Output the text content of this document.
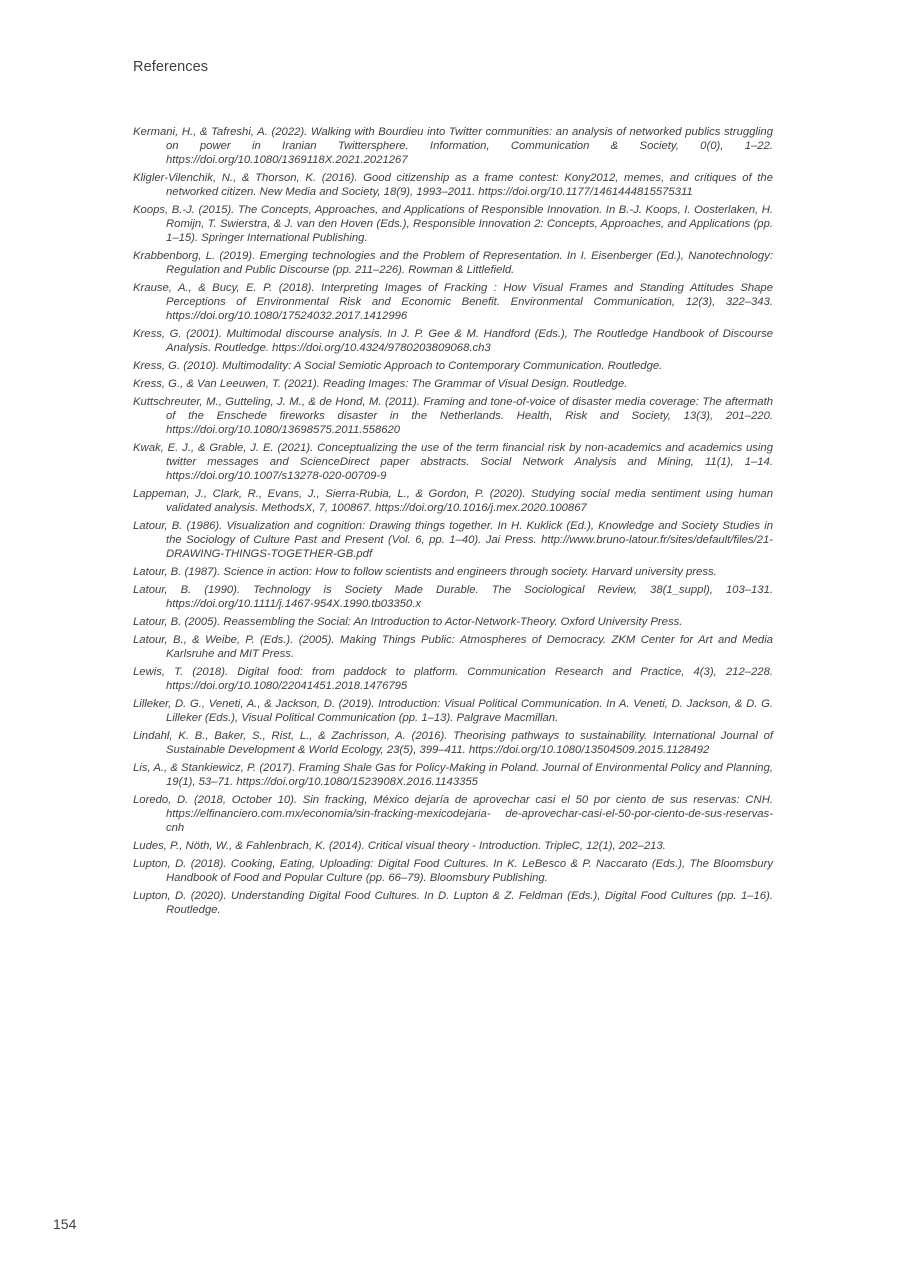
References
Kermani, H., & Tafreshi, A. (2022). Walking with Bourdieu into Twitter communities: an analysis of networked publics struggling on power in Iranian Twittersphere. Information, Communication & Society, 0(0), 1–22. https://doi.org/10.1080/1369118X.2021.2021267
Kligler-Vilenchik, N., & Thorson, K. (2016). Good citizenship as a frame contest: Kony2012, memes, and critiques of the networked citizen. New Media and Society, 18(9), 1993–2011. https://doi.org/10.1177/1461444815575311
Koops, B.-J. (2015). The Concepts, Approaches, and Applications of Responsible Innovation. In B.-J. Koops, I. Oosterlaken, H. Romijn, T. Swierstra, & J. van den Hoven (Eds.), Responsible Innovation 2: Concepts, Approaches, and Applications (pp. 1–15). Springer International Publishing.
Krabbenborg, L. (2019). Emerging technologies and the Problem of Representation. In I. Eisenberger (Ed.), Nanotechnology: Regulation and Public Discourse (pp. 211–226). Rowman & Littlefield.
Krause, A., & Bucy, E. P. (2018). Interpreting Images of Fracking : How Visual Frames and Standing Attitudes Shape Perceptions of Environmental Risk and Economic Benefit. Environmental Communication, 12(3), 322–343. https://doi.org/10.1080/17524032.2017.1412996
Kress, G. (2001). Multimodal discourse analysis. In J. P. Gee & M. Handford (Eds.), The Routledge Handbook of Discourse Analysis. Routledge. https://doi.org/10.4324/9780203809068.ch3
Kress, G. (2010). Multimodality: A Social Semiotic Approach to Contemporary Communication. Routledge.
Kress, G., & Van Leeuwen, T. (2021). Reading Images: The Grammar of Visual Design. Routledge.
Kuttschreuter, M., Gutteling, J. M., & de Hond, M. (2011). Framing and tone-of-voice of disaster media coverage: The aftermath of the Enschede fireworks disaster in the Netherlands. Health, Risk and Society, 13(3), 201–220. https://doi.org/10.1080/13698575.2011.558620
Kwak, E. J., & Grable, J. E. (2021). Conceptualizing the use of the term financial risk by non-academics and academics using twitter messages and ScienceDirect paper abstracts. Social Network Analysis and Mining, 11(1), 1–14. https://doi.org/10.1007/s13278-020-00709-9
Lappeman, J., Clark, R., Evans, J., Sierra-Rubia, L., & Gordon, P. (2020). Studying social media sentiment using human validated analysis. MethodsX, 7, 100867. https://doi.org/10.1016/j.mex.2020.100867
Latour, B. (1986). Visualization and cognition: Drawing things together. In H. Kuklick (Ed.), Knowledge and Society Studies in the Sociology of Culture Past and Present (Vol. 6, pp. 1–40). Jai Press. http://www.bruno-latour.fr/sites/default/files/21-DRAWING-THINGS-TOGETHER-GB.pdf
Latour, B. (1987). Science in action: How to follow scientists and engineers through society. Harvard university press.
Latour, B. (1990). Technology is Society Made Durable. The Sociological Review, 38(1_suppl), 103–131. https://doi.org/10.1111/j.1467-954X.1990.tb03350.x
Latour, B. (2005). Reassembling the Social: An Introduction to Actor-Network-Theory. Oxford University Press.
Latour, B., & Weibe, P. (Eds.). (2005). Making Things Public: Atmospheres of Democracy. ZKM Center for Art and Media Karlsruhe and MIT Press.
Lewis, T. (2018). Digital food: from paddock to platform. Communication Research and Practice, 4(3), 212–228. https://doi.org/10.1080/22041451.2018.1476795
Lilleker, D. G., Veneti, A., & Jackson, D. (2019). Introduction: Visual Political Communication. In A. Veneti, D. Jackson, & D. G. Lilleker (Eds.), Visual Political Communication (pp. 1–13). Palgrave Macmillan.
Lindahl, K. B., Baker, S., Rist, L., & Zachrisson, A. (2016). Theorising pathways to sustainability. International Journal of Sustainable Development & World Ecology, 23(5), 399–411. https://doi.org/10.1080/13504509.2015.1128492
Lis, A., & Stankiewicz, P. (2017). Framing Shale Gas for Policy-Making in Poland. Journal of Environmental Policy and Planning, 19(1), 53–71. https://doi.org/10.1080/1523908X.2016.1143355
Loredo, D. (2018, October 10). Sin fracking, México dejaría de aprovechar casi el 50 por ciento de sus reservas: CNH. https://elfinanciero.com.mx/economia/sin-fracking-mexicodejaria- de-aprovechar-casi-el-50-por-ciento-de-sus-reservas-cnh
Ludes, P., Nöth, W., & Fahlenbrach, K. (2014). Critical visual theory - Introduction. TripleC, 12(1), 202–213.
Lupton, D. (2018). Cooking, Eating, Uploading: Digital Food Cultures. In K. LeBesco & P. Naccarato (Eds.), The Bloomsbury Handbook of Food and Popular Culture (pp. 66–79). Bloomsbury Publishing.
Lupton, D. (2020). Understanding Digital Food Cultures. In D. Lupton & Z. Feldman (Eds.), Digital Food Cultures (pp. 1–16). Routledge.
154
